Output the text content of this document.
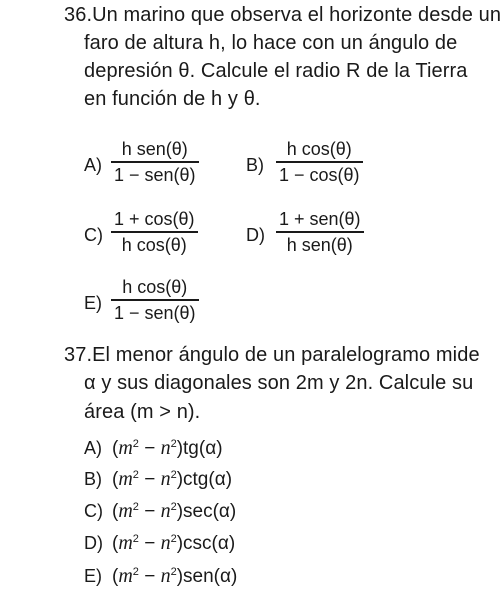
36.Un marino que observa el horizonte desde un
faro de altura h, lo hace con un ángulo de
depresión θ. Calcule el radio R de la Tierra
en función de h y θ.
A)
h sen(θ)
1 − sen(θ)	B)
h cos(θ)
1 − cos(θ)
C)
1 + cos(θ)
h cos(θ)	D)
1 + sen(θ)
h sen(θ)
E)
h cos(θ)
1 − sen(θ)
37.El menor ángulo de un paralelogramo mide
α y sus diagonales son 2m y 2n. Calcule su
área (m > n).
A) $(m^2 - n^2)tg(\alpha)$
B) $(m^2 - n^2)ctg(\alpha)$
C) $(m^2 - n^2)\sec(\alpha)$
D) $(m^2 - n^2)\csc(\alpha)$
E) $(m^2 - n^2)sen(\alpha)$
